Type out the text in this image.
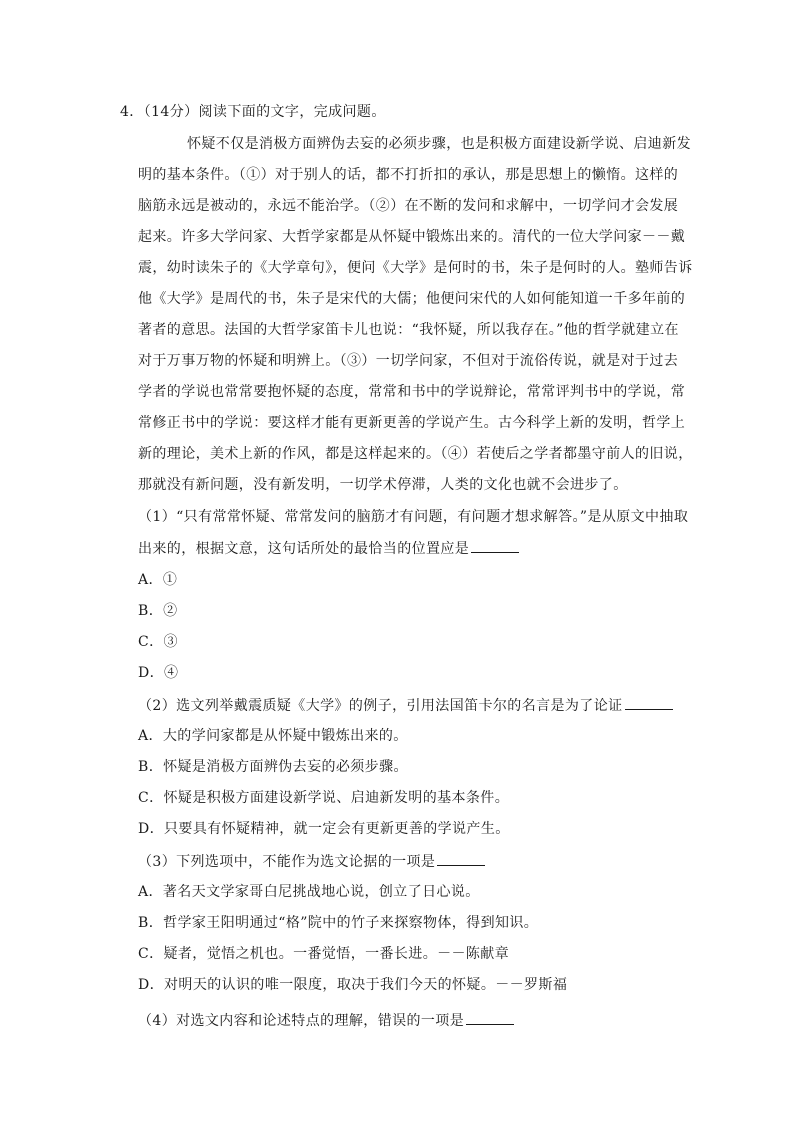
4．（14分）阅读下面的文字，完成问题。
怀疑不仅是消极方面辨伪去妄的必须步骤，也是积极方面建设新学说、启迪新发
明的基本条件。（①）对于别人的话，都不打折扣的承认，那是思想上的懒惰。这样的
脑筋永远是被动的，永远不能治学。（②）在不断的发问和求解中，一切学问才会发展
起来。许多大学问家、大哲学家都是从怀疑中锻炼出来的。清代的一位大学问家－－戴
震，幼时读朱子的《大学章句》，便问《大学》是何时的书，朱子是何时的人。塾师告诉
他《大学》是周代的书，朱子是宋代的大儒；他便问宋代的人如何能知道一千多年前的
著者的意思。法国的大哲学家笛卡儿也说：“我怀疑，所以我存在。”他的哲学就建立在
对于万事万物的怀疑和明辨上。（③）一切学问家，不但对于流俗传说，就是对于过去
学者的学说也常常要抱怀疑的态度，常常和书中的学说辩论，常常评判书中的学说，常
常修正书中的学说：要这样才能有更新更善的学说产生。古今科学上新的发明，哲学上
新的理论，美术上新的作风，都是这样起来的。（④）若使后之学者都墨守前人的旧说，
那就没有新问题，没有新发明，一切学术停滞，人类的文化也就不会进步了。
（1）“只有常常怀疑、常常发问的脑筋才有问题，有问题才想求解答。”是从原文中抽取
出来的，根据文意，这句话所处的最恰当的位置应是
A．①
B．②
C．③
D．④
（2）选文列举戴震质疑《大学》的例子，引用法国笛卡尔的名言是为了论证
A．大的学问家都是从怀疑中锻炼出来的。
B．怀疑是消极方面辨伪去妄的必须步骤。
C．怀疑是积极方面建设新学说、启迪新发明的基本条件。
D．只要具有怀疑精神，就一定会有更新更善的学说产生。
（3）下列选项中，不能作为选文论据的一项是
A．著名天文学家哥白尼挑战地心说，创立了日心说。
B．哲学家王阳明通过“格”院中的竹子来探察物体，得到知识。
C．疑者，觉悟之机也。一番觉悟，一番长进。－－陈献章
D．对明天的认识的唯一限度，取决于我们今天的怀疑。－－罗斯福
（4）对选文内容和论述特点的理解，错误的一项是
